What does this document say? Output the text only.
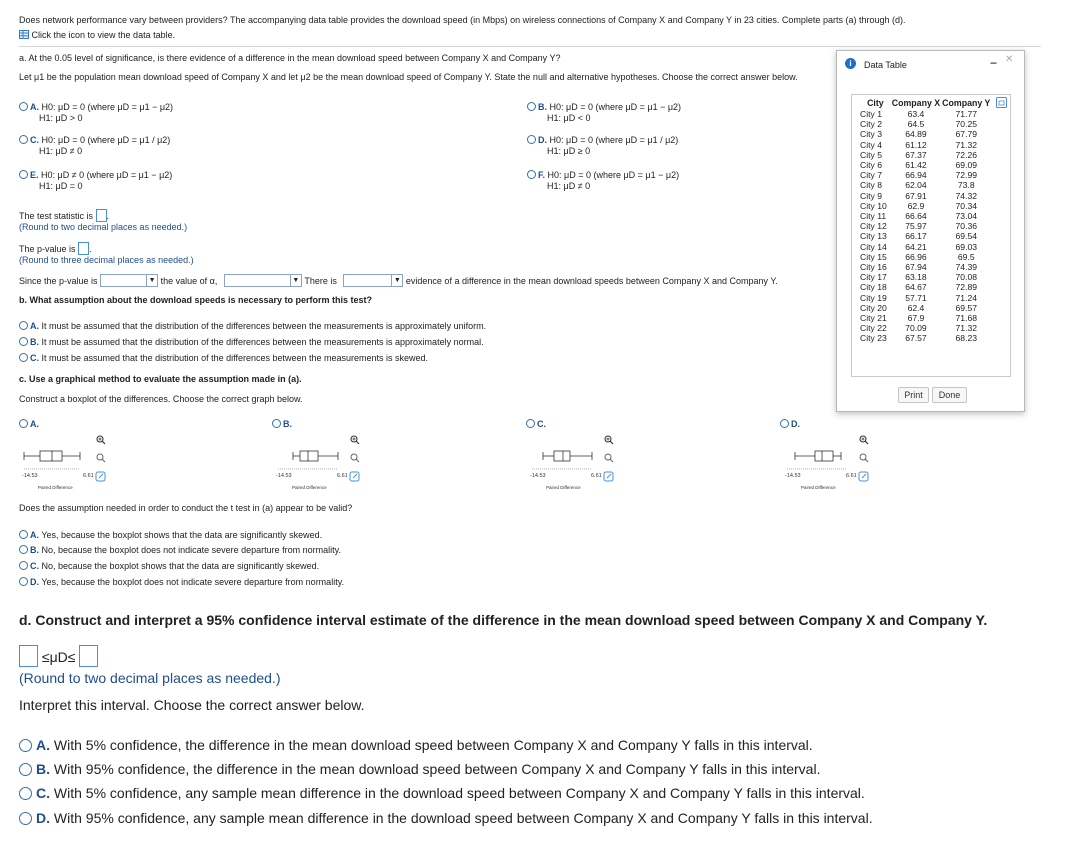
Does network performance vary between providers? The accompanying data table provides the download speed (in Mbps) on wireless connections of Company X and Company Y in 23 cities. Complete parts (a) through (d).
Click the icon to view the data table.
a. At the 0.05 level of significance, is there evidence of a difference in the mean download speed between Company X and Company Y?
Let μ1 be the population mean download speed of Company X and let μ2 be the mean download speed of Company Y. State the null and alternative hypotheses. Choose the correct answer below.
A. H0: μD = 0 (where μD = μ1 − μ2)
H1: μD > 0
B. H0: μD = 0 (where μD = μ1 − μ2)
H1: μD < 0
C. H0: μD = 0 (where μD = μ1 / μ2)
H1: μD ≠ 0
D. H0: μD = 0 (where μD = μ1 / μ2)
H1: μD ≥ 0
E. H0: μD ≠ 0 (where μD = μ1 − μ2)
H1: μD = 0
F. H0: μD = 0 (where μD = μ1 − μ2)
H1: μD ≠ 0
The test statistic is .
(Round to two decimal places as needed.)
The p-value is .
(Round to three decimal places as needed.)
Since the p-value is	▼ the value of α,	▼ There is	▼ evidence of a difference in the mean download speeds between Company X and Company Y.
b. What assumption about the download speeds is necessary to perform this test?
A. It must be assumed that the distribution of the differences between the measurements is approximately uniform.
B. It must be assumed that the distribution of the differences between the measurements is approximately normal.
C. It must be assumed that the distribution of the differences between the measurements is skewed.
c. Use a graphical method to evaluate the assumption made in (a).
Construct a boxplot of the differences. Choose the correct graph below.
A.	B.	C.	D.
-14.53	6.61
Paired Difference
-14.53	6.61
Paired Difference
-14.53	6.61
Paired Difference
-14.53	6.61
Paired Difference
Does the assumption needed in order to conduct the t test in (a) appear to be valid?
A. Yes, because the boxplot shows that the data are significantly skewed.
B. No, because the boxplot does not indicate severe departure from normality.
C. No, because the boxplot shows that the data are significantly skewed.
D. Yes, because the boxplot does not indicate severe departure from normality.
d. Construct and interpret a 95% confidence interval estimate of the difference in the mean download speed between Company X and Company Y.
≤μD≤
(Round to two decimal places as needed.)
Interpret this interval. Choose the correct answer below.
A. With 5% confidence, the difference in the mean download speed between Company X and Company Y falls in this interval.
B. With 95% confidence, the difference in the mean download speed between Company X and Company Y falls in this interval.
C. With 5% confidence, any sample mean difference in the download speed between Company X and Company Y falls in this interval.
D. With 95% confidence, any sample mean difference in the download speed between Company X and Company Y falls in this interval.
i	Data Table	− ✕
City	Company X	Company Y
City 1	63.4	71.77
City 2	64.5	70.25
City 3	64.89	67.79
City 4	61.12	71.32
City 5	67.37	72.26
City 6	61.42	69.09
City 7	66.94	72.99
City 8	62.04	73.8
City 9	67.91	74.32
City 10	62.9	70.34
City 11	66.64	73.04
City 12	75.97	70.36
City 13	66.17	69.54
City 14	64.21	69.03
City 15	66.96	69.5
City 16	67.94	74.39
City 17	63.18	70.08
City 18	64.67	72.89
City 19	57.71	71.24
City 20	62.4	69.57
City 21	67.9	71.68
City 22	70.09	71.32
City 23	67.57	68.23
Print	Done
